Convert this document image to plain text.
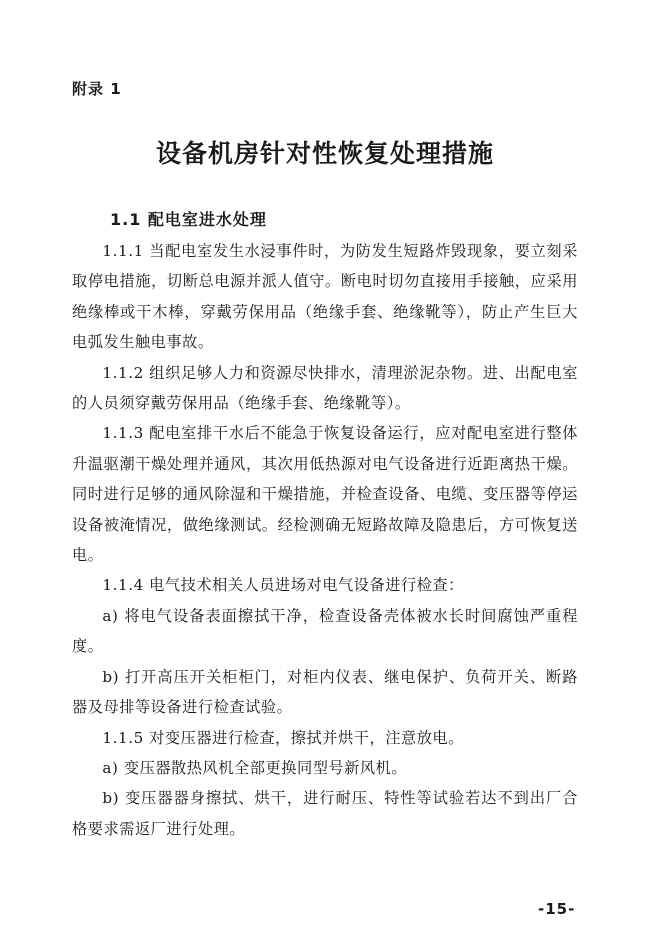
附录 1
设备机房针对性恢复处理措施
1.1 配电室进水处理

1.1.1 当配电室发生水浸事件时，为防发生短路炸毁现象，要立刻采取停电措施，切断总电源并派人值守。断电时切勿直接用手接触，应采用绝缘棒或干木棒，穿戴劳保用品（绝缘手套、绝缘靴等），防止产生巨大电弧发生触电事故。

1.1.2 组织足够人力和资源尽快排水，清理淤泥杂物。进、出配电室的人员须穿戴劳保用品（绝缘手套、绝缘靴等）。

1.1.3 配电室排干水后不能急于恢复设备运行，应对配电室进行整体升温驱潮干燥处理并通风，其次用低热源对电气设备进行近距离热干燥。同时进行足够的通风除湿和干燥措施，并检查设备、电缆、变压器等停运设备被淹情况，做绝缘测试。经检测确无短路故障及隐患后，方可恢复送电。

1.1.4 电气技术相关人员进场对电气设备进行检查：

a) 将电气设备表面擦拭干净，检查设备壳体被水长时间腐蚀严重程度。

b) 打开高压开关柜柜门，对柜内仪表、继电保护、负荷开关、断路器及母排等设备进行检查试验。

1.1.5 对变压器进行检查，擦拭并烘干，注意放电。

a) 变压器散热风机全部更换同型号新风机。

b) 变压器器身擦拭、烘干，进行耐压、特性等试验若达不到出厂合格要求需返厂进行处理。

-15-
